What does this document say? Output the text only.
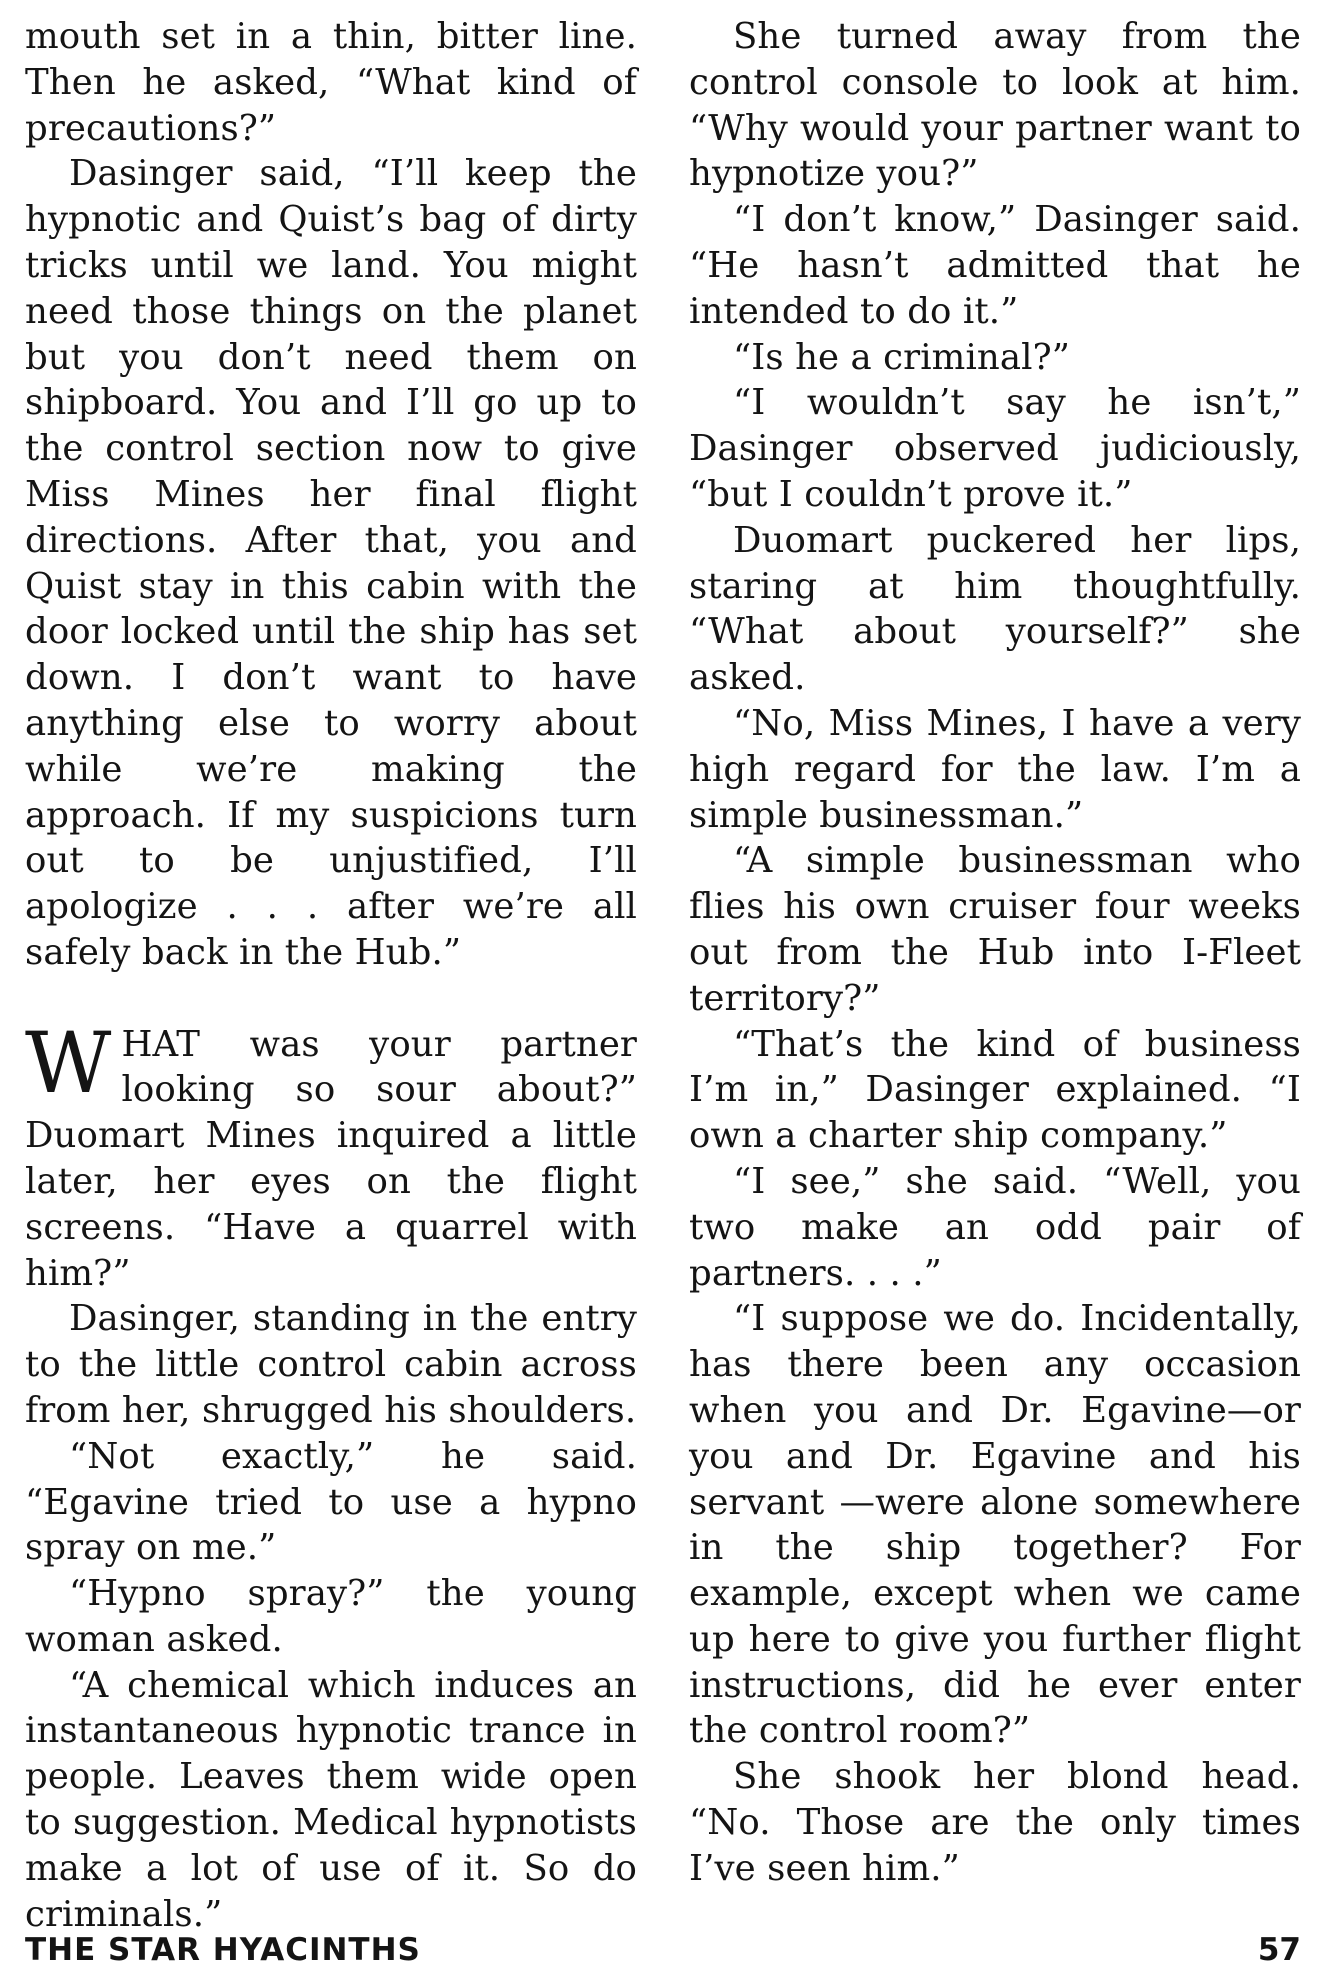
mouth set in a thin, bitter line. Then he asked, “What kind of precautions?”

Dasinger said, “I’ll keep the hypnotic and Quist’s bag of dirty tricks until we land. You might need those things on the planet but you don’t need them on shipboard. You and I’ll go up to the control section now to give Miss Mines her final flight directions. After that, you and Quist stay in this cabin with the door locked until the ship has set down. I don’t want to have anything else to worry about while we’re making the approach. If my suspicions turn out to be unjustified, I’ll apologize . . . after we’re all safely back in the Hub.”

WHAT was your partner looking so sour about?” Duomart Mines inquired a little later, her eyes on the flight screens. “Have a quarrel with him?”

Dasinger, standing in the entry to the little control cabin across from her, shrugged his shoulders.

“Not exactly,” he said. “Egavine tried to use a hypno spray on me.”

“Hypno spray?” the young woman asked.

“A chemical which induces an instantaneous hypnotic trance in people. Leaves them wide open to suggestion. Medical hypnotists make a lot of use of it. So do criminals.”

She turned away from the control console to look at him. “Why would your partner want to hypnotize you?”

“I don’t know,” Dasinger said. “He hasn’t admitted that he intended to do it.”

“Is he a criminal?”

“I wouldn’t say he isn’t,” Dasinger observed judiciously, “but I couldn’t prove it.”

Duomart puckered her lips, staring at him thoughtfully. “What about yourself?” she asked.

“No, Miss Mines, I have a very high regard for the law. I’m a simple businessman.”

“A simple businessman who flies his own cruiser four weeks out from the Hub into I-Fleet territory?”

“That’s the kind of business I’m in,” Dasinger explained. “I own a charter ship company.”

“I see,” she said. “Well, you two make an odd pair of partners. . . .”

“I suppose we do. Incidentally, has there been any occasion when you and Dr. Egavine—or you and Dr. Egavine and his servant —were alone somewhere in the ship together? For example, except when we came up here to give you further flight instructions, did he ever enter the control room?”

She shook her blond head. “No. Those are the only times I’ve seen him.”

THE STAR HYACINTHS	57
